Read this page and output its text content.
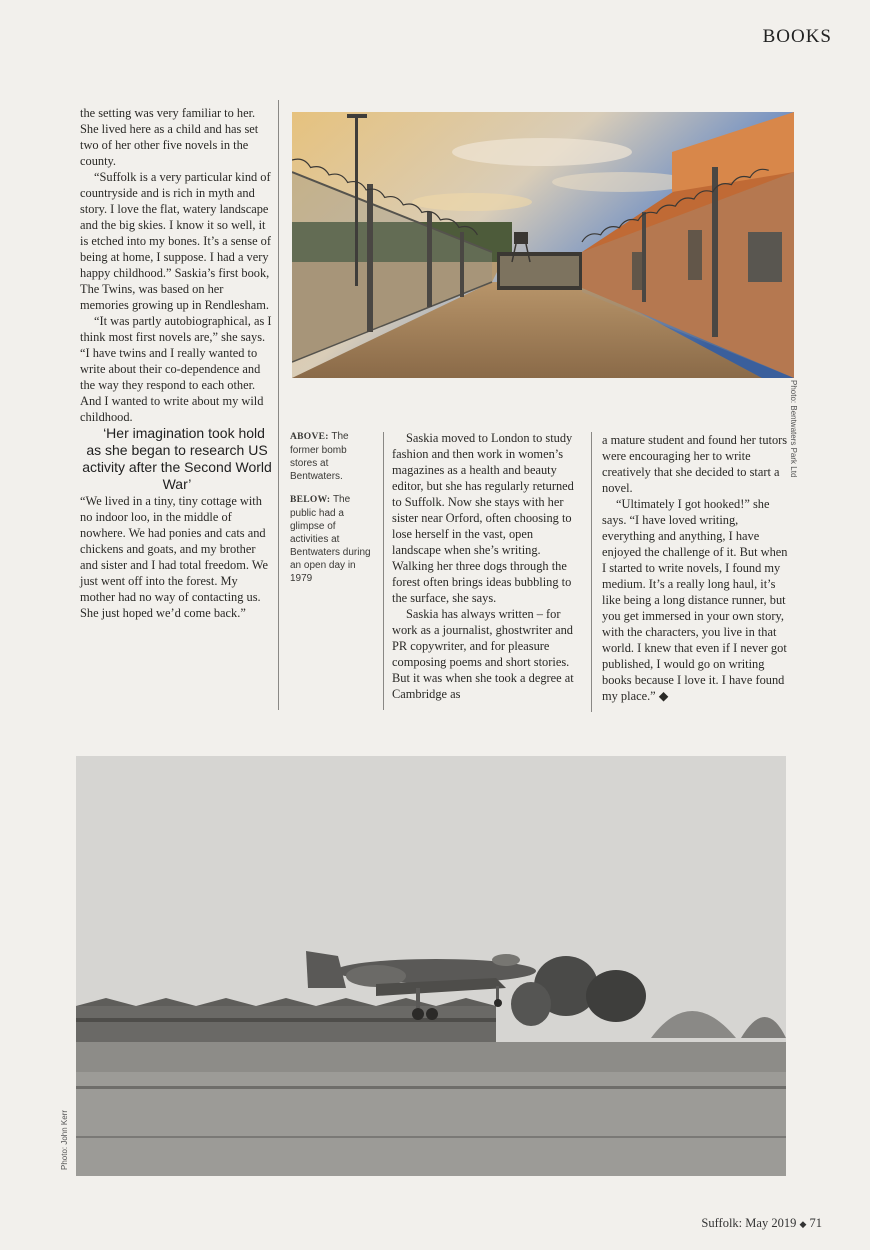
BOOKS
Photo: Bentwaters Park Ltd

the setting was very familiar to her. She lived here as a child and has set two of her other five novels in the county.

“Suffolk is a very particular kind of countryside and is rich in myth and story. I love the flat, watery landscape and the big skies. I know it so well, it is etched into my bones. It’s a sense of being at home, I suppose. I had a very happy childhood.” Saskia’s first book, The Twins, was based on her memories growing up in Rendlesham.

“It was partly autobiographical, as I think most first novels are,” she says. “I have twins and I really wanted to write about their co-dependence and the way they respond to each other. And I wanted to write about my wild childhood.

‘Her imagination took hold as she began to research US activity after the Second World War’

“We lived in a tiny, tiny cottage with no indoor loo, in the middle of nowhere. We had ponies and cats and chickens and goats, and my brother and sister and I had total freedom. We just went off into the forest. My mother had no way of contacting us. She just hoped we’d come back.”

ABOVE: The former bomb stores at Bentwaters.
BELOW: The public had a glimpse of activities at Bentwaters during an open day in 1979

Saskia moved to London to study fashion and then work in women’s magazines as a health and beauty editor, but she has regularly returned to Suffolk. Now she stays with her sister near Orford, often choosing to lose herself in the vast, open landscape when she’s writing. Walking her three dogs through the forest often brings ideas bubbling to the surface, she says.

Saskia has always written – for work as a journalist, ghostwriter and PR copywriter, and for pleasure composing poems and short stories. But it was when she took a degree at Cambridge as

a mature student and found her tutors were encouraging her to write creatively that she decided to start a novel.

“Ultimately I got hooked!” she says. “I have loved writing, everything and anything, I have enjoyed the challenge of it. But when I started to write novels, I found my medium. It’s a really long haul, it’s like being a long distance runner, but you get immersed in your own story, with the characters, you live in that world. I knew that even if I never got published, I would go on writing books because I love it. I have found my place.” ◆

Photo: John Kerr
Suffolk: May 2019 ◆ 71
